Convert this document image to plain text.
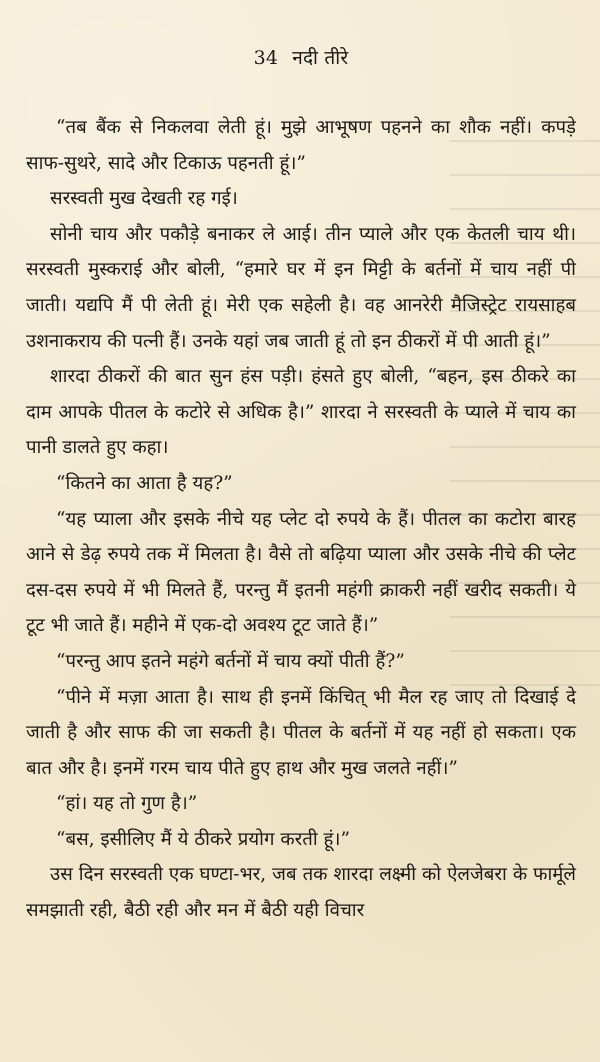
34 नदी तीरे

“तब बैंक से निकलवा लेती हूं। मुझे आभूषण पहनने का शौक नहीं। कपड़े साफ-सुथरे, सादे और टिकाऊ पहनती हूं।”

सरस्वती मुख देखती रह गई।

सोनी चाय और पकौड़े बनाकर ले आई। तीन प्याले और एक केतली चाय थी। सरस्वती मुस्कराई और बोली, “हमारे घर में इन मिट्टी के बर्तनों में चाय नहीं पी जाती। यद्यपि मैं पी लेती हूं। मेरी एक सहेली है। वह आनरेरी मैजिस्ट्रेट रायसाहब उशनाकराय की पत्नी हैं। उनके यहां जब जाती हूं तो इन ठीकरों में पी आती हूं।”

शारदा ठीकरों की बात सुन हंस पड़ी। हंसते हुए बोली, “बहन, इस ठीकरे का दाम आपके पीतल के कटोरे से अधिक है।” शारदा ने सरस्वती के प्याले में चाय का पानी डालते हुए कहा।

“कितने का आता है यह?”

“यह प्याला और इसके नीचे यह प्लेट दो रुपये के हैं। पीतल का कटोरा बारह आने से डेढ़ रुपये तक में मिलता है। वैसे तो बढ़िया प्याला और उसके नीचे की प्लेट दस-दस रुपये में भी मिलते हैं, परन्तु मैं इतनी महंगी क्राकरी नहीं खरीद सकती। ये टूट भी जाते हैं। महीने में एक-दो अवश्य टूट जाते हैं।”

“परन्तु आप इतने महंगे बर्तनों में चाय क्यों पीती हैं?”

“पीने में मज़ा आता है। साथ ही इनमें किंचित् भी मैल रह जाए तो दिखाई दे जाती है और साफ की जा सकती है। पीतल के बर्तनों में यह नहीं हो सकता। एक बात और है। इनमें गरम चाय पीते हुए हाथ और मुख जलते नहीं।”

“हां। यह तो गुण है।”

“बस, इसीलिए मैं ये ठीकरे प्रयोग करती हूं।”

उस दिन सरस्वती एक घण्टा-भर, जब तक शारदा लक्ष्मी को ऐलजेबरा के फार्मूले समझाती रही, बैठी रही और मन में बैठी यही विचार
